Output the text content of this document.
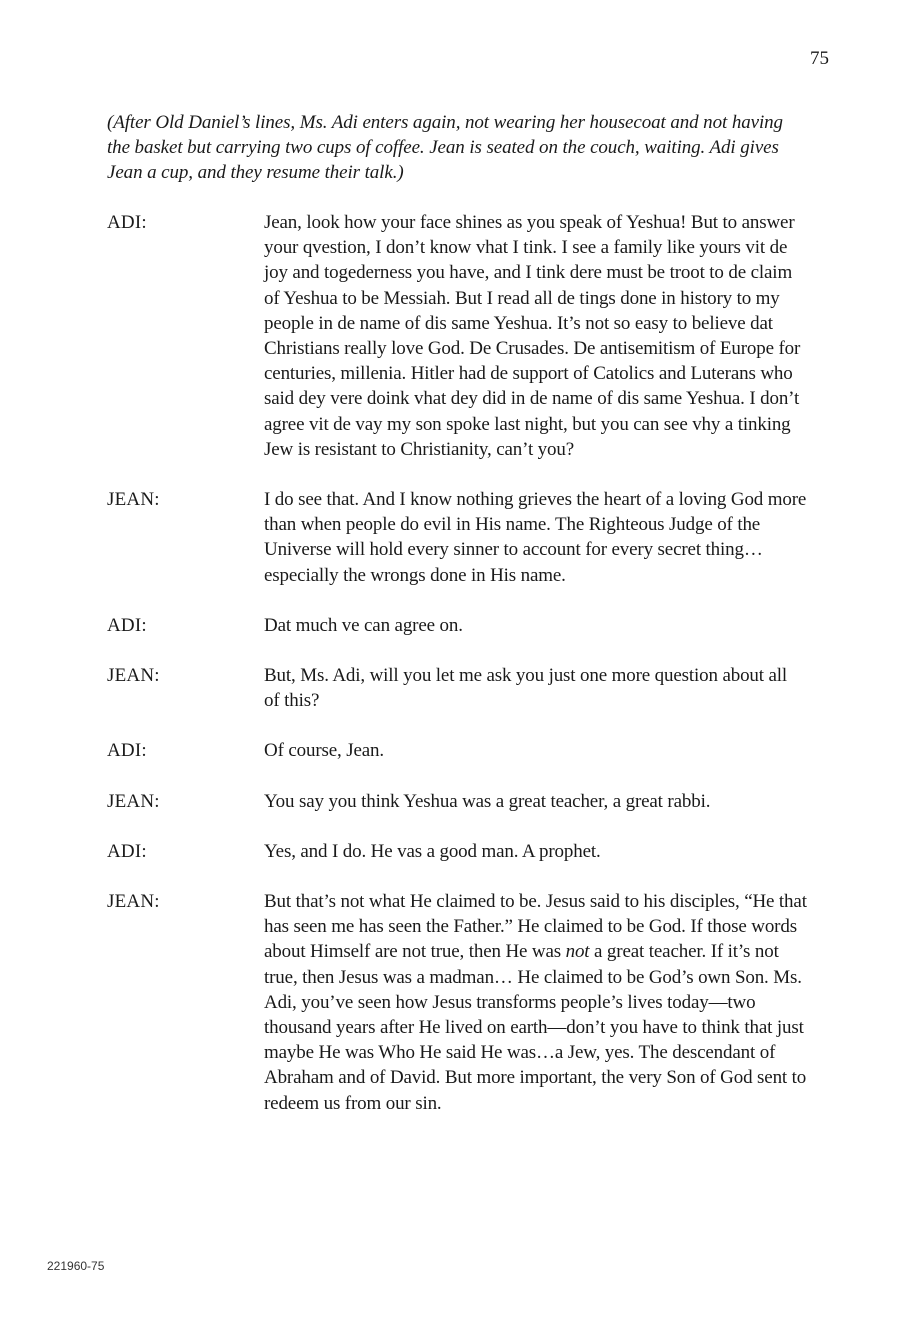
75
(After Old Daniel’s lines, Ms. Adi enters again, not wearing her housecoat and not having the basket but carrying two cups of coffee. Jean is seated on the couch, waiting. Adi gives Jean a cup, and they resume their talk.)
ADI:	Jean, look how your face shines as you speak of Yeshua! But to answer your qvestion, I don’t know vhat I tink. I see a family like yours vit de joy and togederness you have, and I tink dere must be troot to de claim of Yeshua to be Messiah. But I read all de tings done in history to my people in de name of dis same Yeshua. It’s not so easy to believe dat Christians really love God. De Crusades. De antisemitism of Europe for centuries, millenia. Hitler had de support of Catolics and Luterans who said dey vere doink vhat dey did in de name of dis same Yeshua. I don’t agree vit de vay my son spoke last night, but you can see vhy a tinking Jew is resistant to Christianity, can’t you?
JEAN:	I do see that. And I know nothing grieves the heart of a loving God more than when people do evil in His name. The Righteous Judge of the Universe will hold every sinner to account for every secret thing…especially the wrongs done in His name.
ADI:	Dat much ve can agree on.
JEAN:	But, Ms. Adi, will you let me ask you just one more question about all of this?
ADI:	Of course, Jean.
JEAN:	You say you think Yeshua was a great teacher, a great rabbi.
ADI:	Yes, and I do. He vas a good man. A prophet.
JEAN:	But that’s not what He claimed to be. Jesus said to his disciples, “He that has seen me has seen the Father.” He claimed to be God. If those words about Himself are not true, then He was not a great teacher. If it’s not true, then Jesus was a madman… He claimed to be God’s own Son. Ms. Adi, you’ve seen how Jesus transforms people’s lives today—two thousand years after He lived on earth—don’t you have to think that just maybe He was Who He said He was…a Jew, yes. The descendant of Abraham and of David. But more important, the very Son of God sent to redeem us from our sin.
221960-75
